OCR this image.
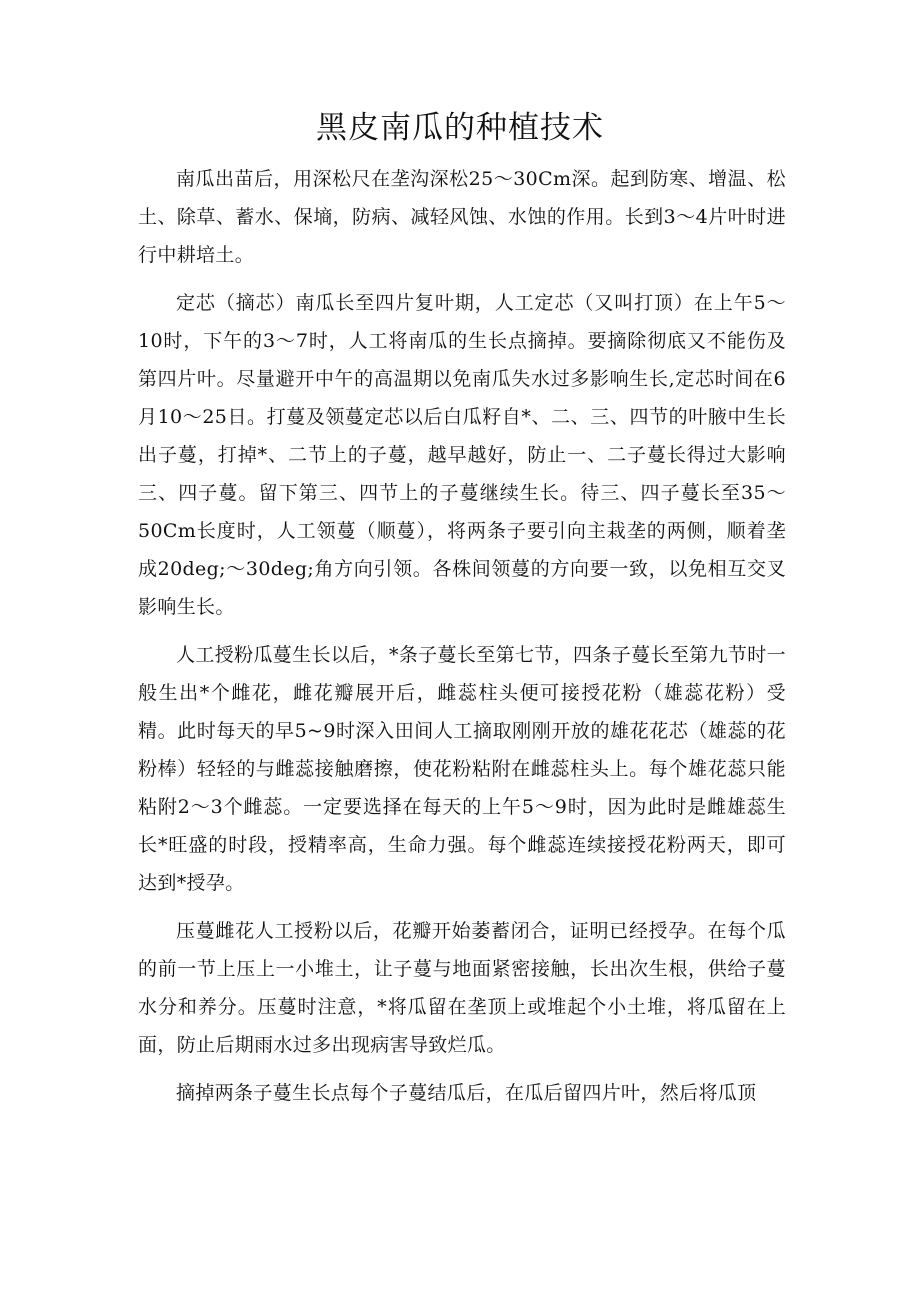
黑皮南瓜的种植技术

南瓜出苗后，用深松尺在垄沟深松25～30Cm深。起到防寒、增温、松土、除草、蓄水、保墒，防病、减轻风蚀、水蚀的作用。长到3～4片叶时进行中耕培土。

定芯（摘芯）南瓜长至四片复叶期，人工定芯（又叫打顶）在上午5～10时，下午的3～7时，人工将南瓜的生长点摘掉。要摘除彻底又不能伤及第四片叶。尽量避开中午的高温期以免南瓜失水过多影响生长,定芯时间在6月10～25日。打蔓及领蔓定芯以后白瓜籽自*、二、三、四节的叶腋中生长出子蔓，打掉*、二节上的子蔓，越早越好，防止一、二子蔓长得过大影响三、四子蔓。留下第三、四节上的子蔓继续生长。待三、四子蔓长至35～50Cm长度时，人工领蔓（顺蔓），将两条子要引向主栽垄的两侧，顺着垄成20deg;～30deg;角方向引领。各株间领蔓的方向要一致，以免相互交叉影响生长。

人工授粉瓜蔓生长以后，*条子蔓长至第七节，四条子蔓长至第九节时一般生出*个雌花，雌花瓣展开后，雌蕊柱头便可接授花粉（雄蕊花粉）受精。此时每天的早5~9时深入田间人工摘取刚刚开放的雄花花芯（雄蕊的花粉棒）轻轻的与雌蕊接触磨擦，使花粉粘附在雌蕊柱头上。每个雄花蕊只能粘附2～3个雌蕊。一定要选择在每天的上午5～9时，因为此时是雌雄蕊生长*旺盛的时段，授精率高，生命力强。每个雌蕊连续接授花粉两天，即可达到*授孕。

压蔓雌花人工授粉以后，花瓣开始萎蓄闭合，证明已经授孕。在每个瓜的前一节上压上一小堆土，让子蔓与地面紧密接触，长出次生根，供给子蔓水分和养分。压蔓时注意，*将瓜留在垄顶上或堆起个小土堆，将瓜留在上面，防止后期雨水过多出现病害导致烂瓜。

摘掉两条子蔓生长点每个子蔓结瓜后，在瓜后留四片叶，然后将瓜顶
